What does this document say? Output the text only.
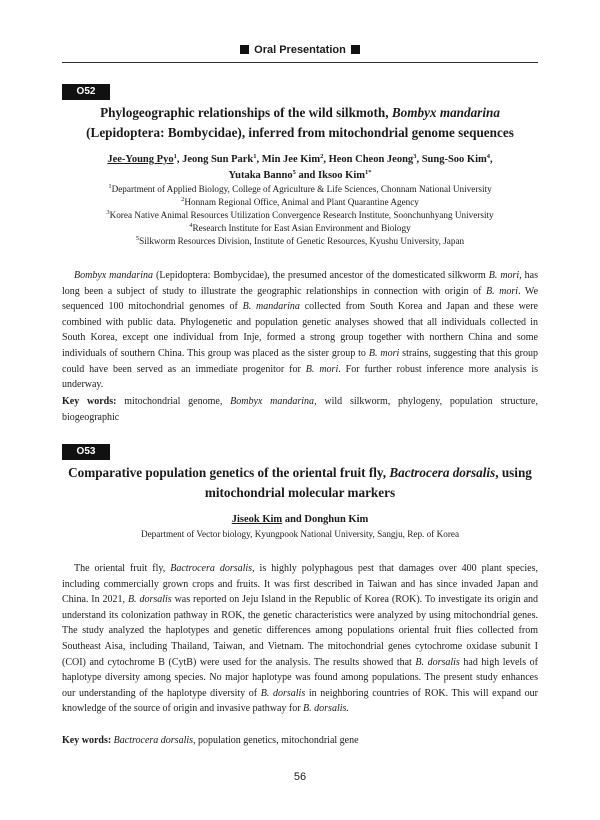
Oral Presentation
O52
Phylogeographic relationships of the wild silkmoth, Bombyx mandarina (Lepidoptera: Bombycidae), inferred from mitochondrial genome sequences
Jee-Young Pyo$^1$, Jeong Sun Park$^1$, Min Jee Kim$^2$, Heon Cheon Jeong$^3$, Sung-Soo Kim$^4$,
Yutaka Banno$^5$ and Iksoo Kim$^{1*}$
$^1$Department of Applied Biology, College of Agriculture & Life Sciences, Chonnam National University
$^2$Honnam Regional Office, Animal and Plant Quarantine Agency
$^3$Korea Native Animal Resources Utilization Convergence Research Institute, Soonchunhyang University
$^4$Research Institute for East Asian Environment and Biology
$^5$Silkworm Resources Division, Institute of Genetic Resources, Kyushu University, Japan

Bombyx mandarina (Lepidoptera: Bombycidae), the presumed ancestor of the domesticated silkworm B. mori, has long been a subject of study to illustrate the geographic relationships in connection with origin of B. mori. We sequenced 100 mitochondrial genomes of B. mandarina collected from South Korea and Japan and these were combined with public data. Phylogenetic and population genetic analyses showed that all individuals collected in South Korea, except one individual from Inje, formed a strong group together with northern China and some individuals of southern China. This group was placed as the sister group to B. mori strains, suggesting that this group could have been served as an immediate progenitor for B. mori. For further robust inference more analysis is underway.

Key words: mitochondrial genome, Bombyx mandarina, wild silkworm, phylogeny, population structure, biogeographic
O53
Comparative population genetics of the oriental fruit fly, Bactrocera dorsalis, using mitochondrial molecular markers
Jiseok Kim and Donghun Kim
Department of Vector biology, Kyungpook National University, Sangju, Rep. of Korea

The oriental fruit fly, Bactrocera dorsalis, is highly polyphagous pest that damages over 400 plant species, including commercially grown crops and fruits. It was first described in Taiwan and has since invaded Japan and China. In 2021, B. dorsalis was reported on Jeju Island in the Republic of Korea (ROK). To investigate its origin and understand its colonization pathway in ROK, the genetic characteristics were analyzed by using mitochondrial genes. The study analyzed the haplotypes and genetic differences among populations oriental fruit flies collected from Southeast Aisa, including Thailand, Taiwan, and Vietnam. The mitochondrial genes cytochrome oxidase subunit I (COI) and cytochrome B (CytB) were used for the analysis. The results showed that B. dorsalis had high levels of haplotype diversity among species. No major haplotype was found among populations. The present study enhances our understanding of the haplotype diversity of B. dorsalis in neighboring countries of ROK. This will expand our knowledge of the source of origin and invasive pathway for B. dorsalis.

Key words: Bactrocera dorsalis, population genetics, mitochondrial gene
56
